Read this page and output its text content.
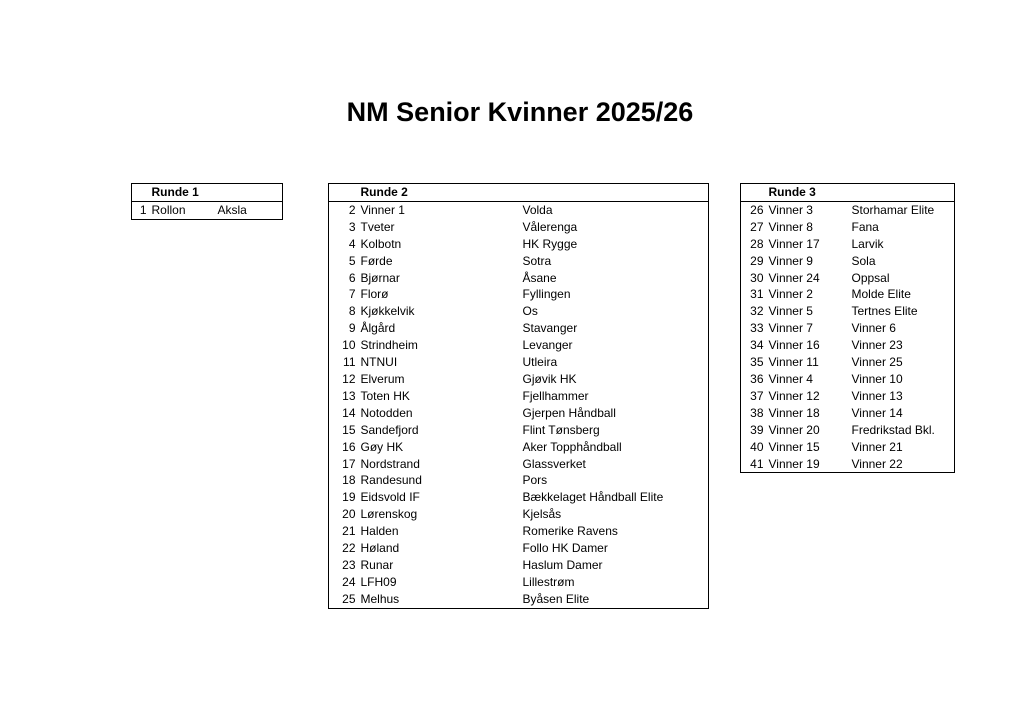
NM Senior Kvinner 2025/26
	Runde 1	
1	Rollon	Aksla
	Runde 2	
2	Vinner 1	Volda
3	Tveter	Vålerenga
4	Kolbotn	HK Rygge
5	Førde	Sotra
6	Bjørnar	Åsane
7	Florø	Fyllingen
8	Kjøkkelvik	Os
9	Ålgård	Stavanger
10	Strindheim	Levanger
11	NTNUI	Utleira
12	Elverum	Gjøvik HK
13	Toten HK	Fjellhammer
14	Notodden	Gjerpen Håndball
15	Sandefjord	Flint Tønsberg
16	Gøy HK	Aker Topphåndball
17	Nordstrand	Glassverket
18	Randesund	Pors
19	Eidsvold IF	Bækkelaget Håndball Elite
20	Lørenskog	Kjelsås
21	Halden	Romerike Ravens
22	Høland	Follo HK Damer
23	Runar	Haslum Damer
24	LFH09	Lillestrøm
25	Melhus	Byåsen Elite
	Runde 3	
26	Vinner 3	Storhamar Elite
27	Vinner 8	Fana
28	Vinner 17	Larvik
29	Vinner 9	Sola
30	Vinner 24	Oppsal
31	Vinner 2	Molde Elite
32	Vinner 5	Tertnes Elite
33	Vinner 7	Vinner 6
34	Vinner 16	Vinner 23
35	Vinner 11	Vinner 25
36	Vinner 4	Vinner 10
37	Vinner 12	Vinner 13
38	Vinner 18	Vinner 14
39	Vinner 20	Fredrikstad Bkl.
40	Vinner 15	Vinner 21
41	Vinner 19	Vinner 22
